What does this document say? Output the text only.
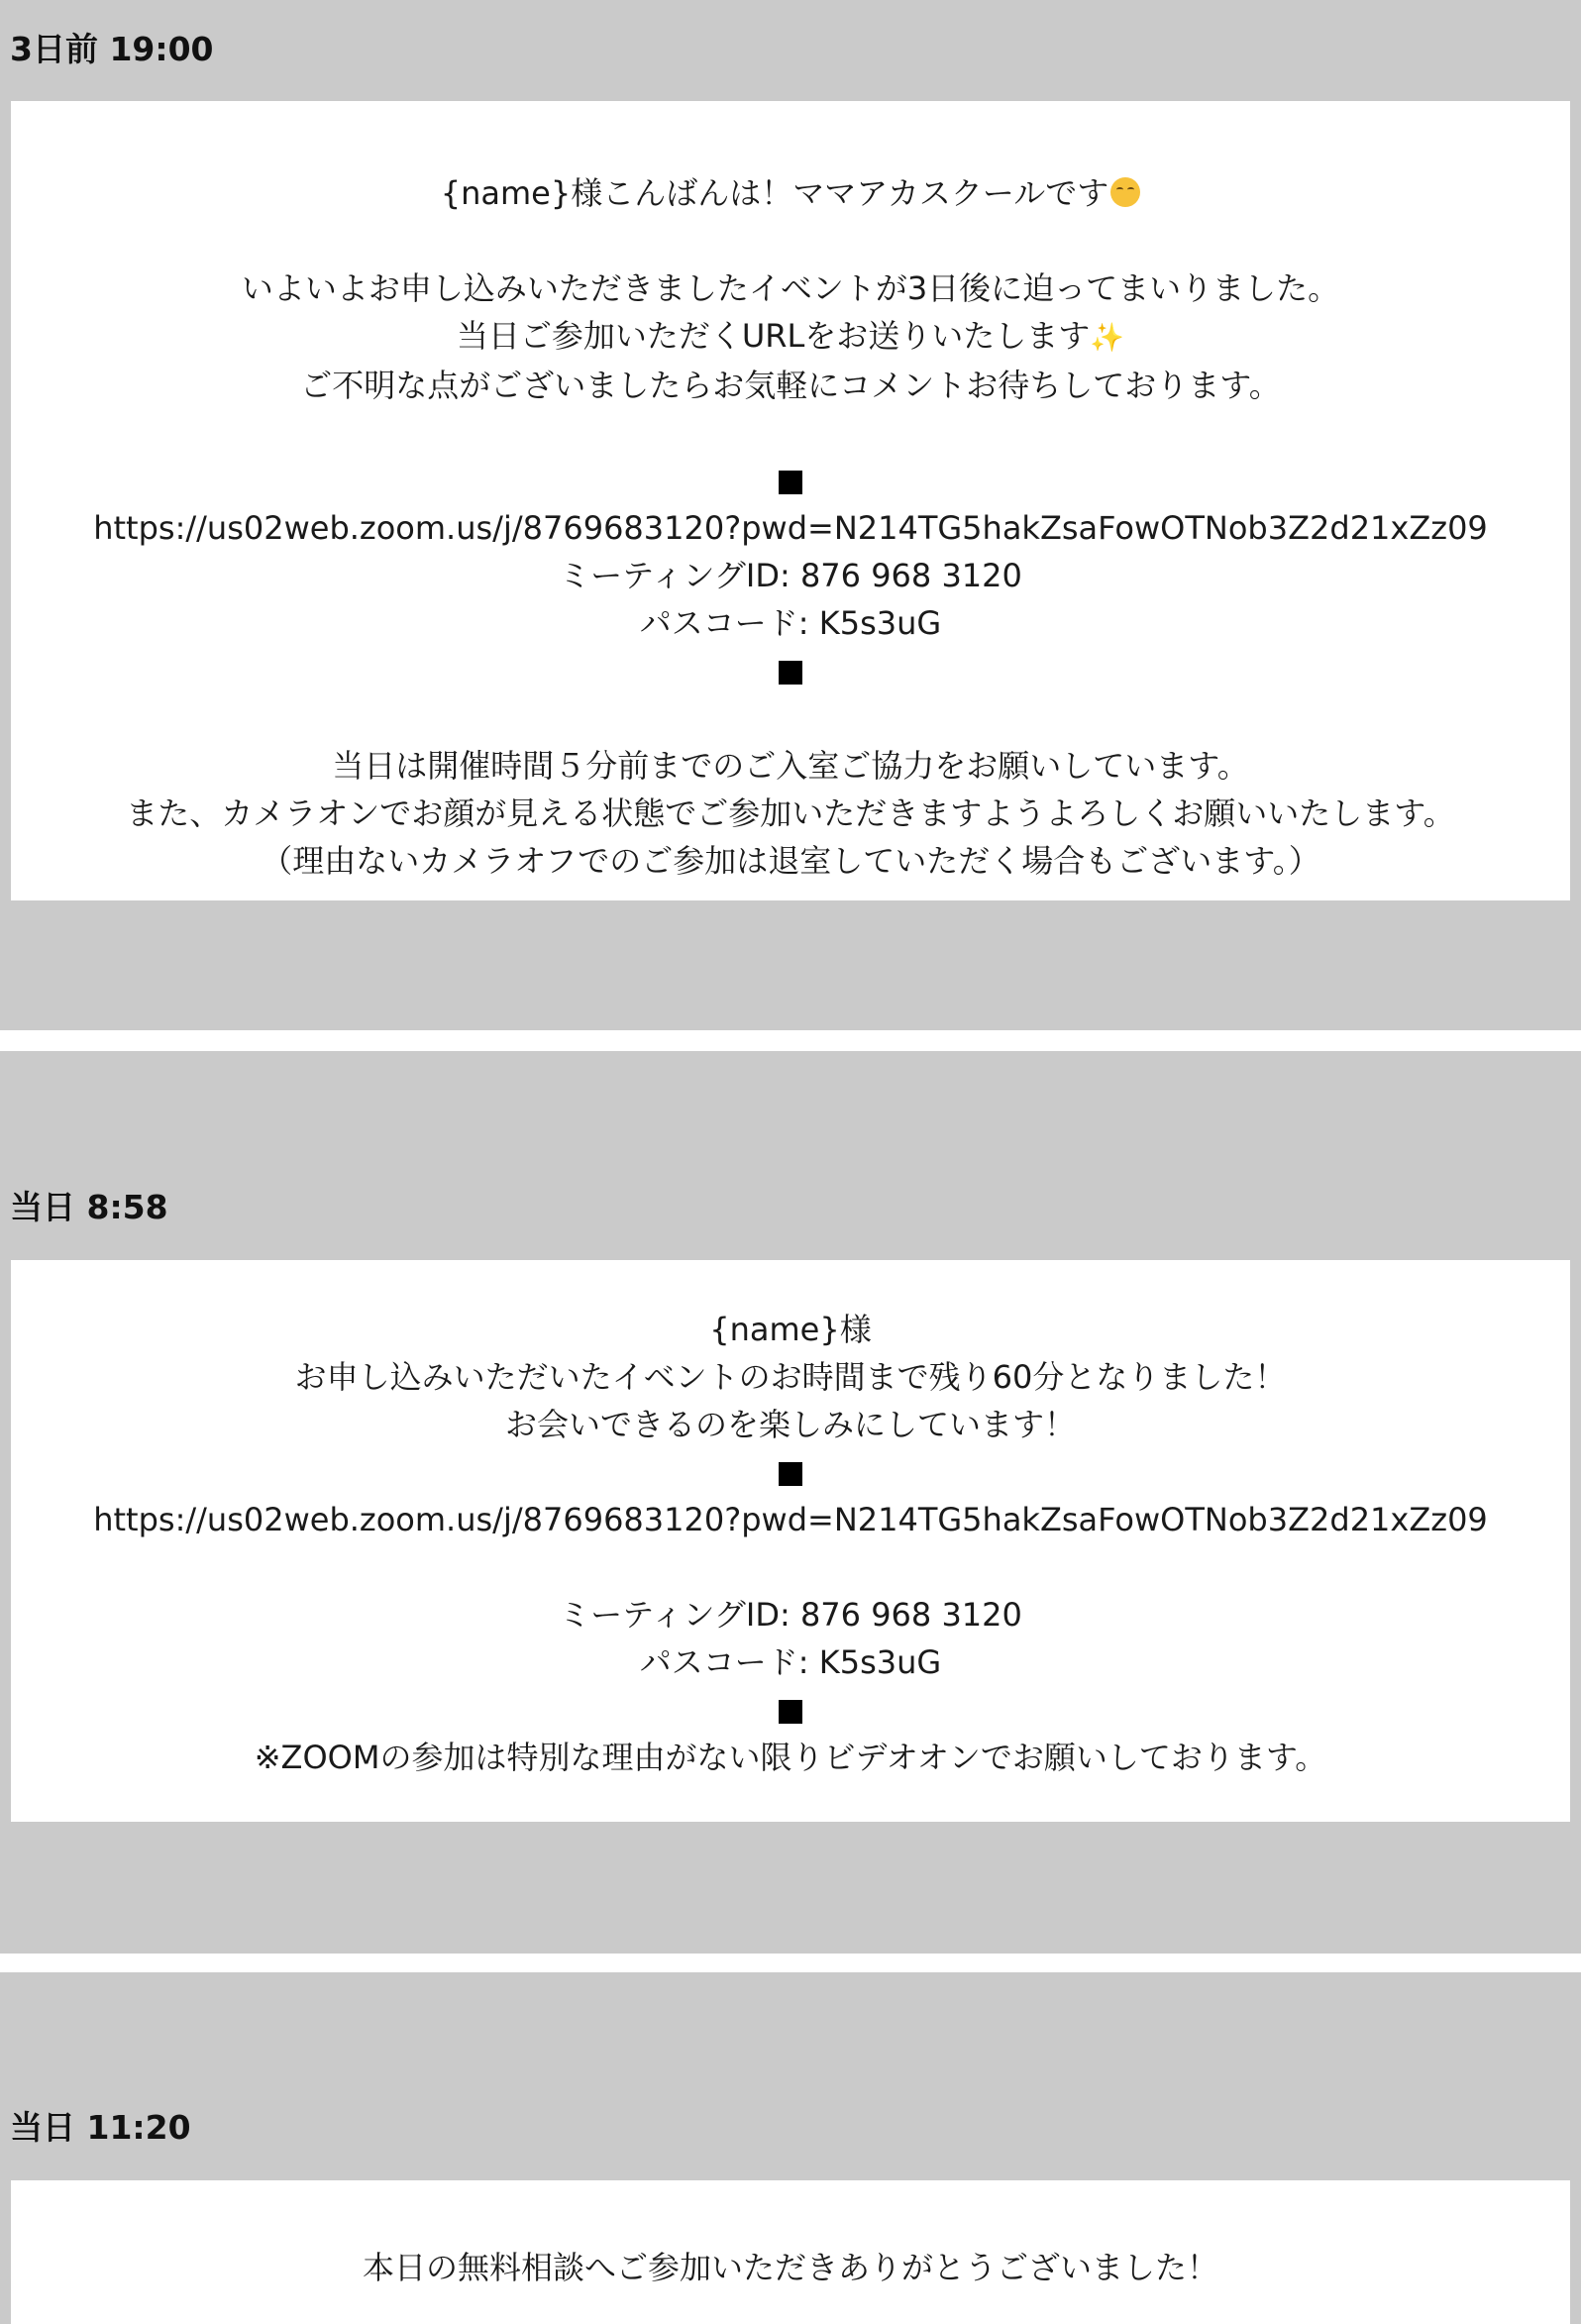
3日前 19:00

{name}様こんばんは！ママアカスクールです

いよいよお申し込みいただきましたイベントが3日後に迫ってまいりました。

当日ご参加いただくURLをお送りいたします✨

ご不明な点がございましたらお気軽にコメントお待ちしております。

https://us02web.zoom.us/j/8769683120?pwd=N214TG5hakZsaFowOTNob3Z2d21xZz09

ミーティングID: 876 968 3120

パスコード: K5s3uG

当日は開催時間５分前までのご入室ご協力をお願いしています。

また、カメラオンでお顔が見える状態でご参加いただきますようよろしくお願いいたします。

（理由ないカメラオフでのご参加は退室していただく場合もございます。）

当日 8:58

{name}様

お申し込みいただいたイベントのお時間まで残り60分となりました！

お会いできるのを楽しみにしています！

https://us02web.zoom.us/j/8769683120?pwd=N214TG5hakZsaFowOTNob3Z2d21xZz09

ミーティングID: 876 968 3120

パスコード: K5s3uG

※ZOOMの参加は特別な理由がない限りビデオオンでお願いしております。

当日 11:20

本日の無料相談へご参加いただきありがとうございました！
